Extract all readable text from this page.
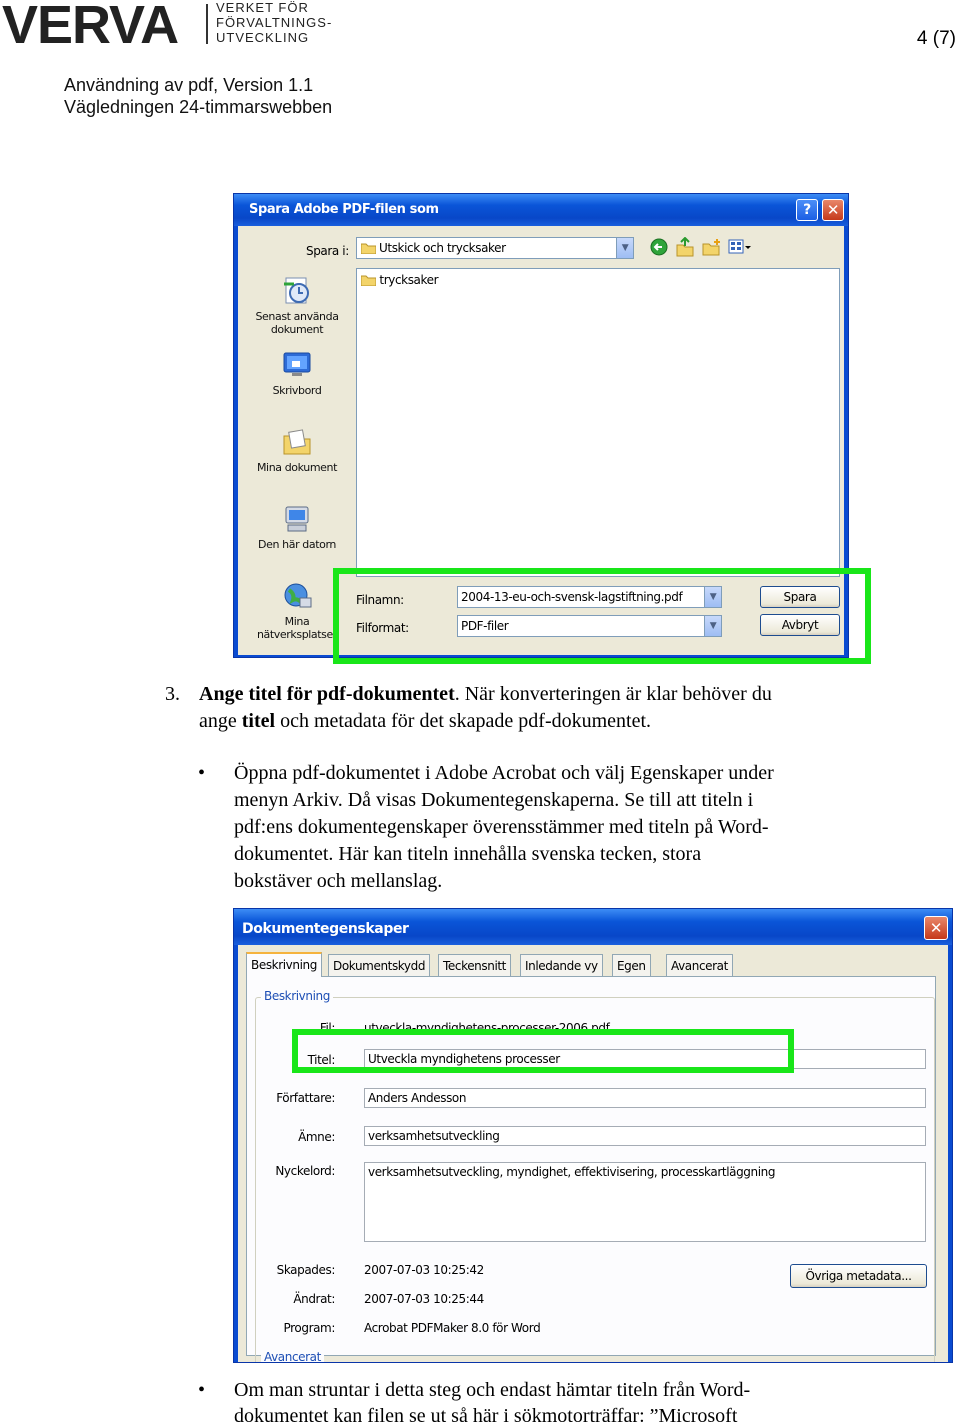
VERVA	VERKET FÖR
FÖRVALTNINGS-
UTVECKLING	4 (7)
Användning av pdf, Version 1.1
Vägledningen 24-timmarswebben
Spara Adobe PDF-filen som	?	✕
Spara i:	Utskick och trycksaker	▼
Senast använda dokument
Skrivbord
Mina dokument
Den här datorn
Mina nätverksplatser
trycksaker
Filnamn:	2004-13-eu-och-svensk-lagstiftning.pdf	▼
Filformat:	PDF-filer	▼
Spara
Avbryt
3. Ange titel för pdf-dokumentet. När konverteringen är klar behöver du
ange titel och metadata för det skapade pdf-dokumentet.
• Öppna pdf-dokumentet i Adobe Acrobat och välj Egenskaper under
menyn Arkiv. Då visas Dokumentegenskaperna. Se till att titeln i
pdf:ens dokumentegenskaper överensstämmer med titeln på Word-
dokumentet. Här kan titeln innehålla svenska tecken, stora
bokstäver och mellanslag.
Dokumentegenskaper	✕
Beskrivning	Dokumentskydd	Teckensnitt	Inledande vy	Egen	Avancerat
Beskrivning
Fil: utveckla-myndighetens-processer-2006.pdf
Titel:	Utveckla myndighetens processer
Författare:	Anders Andesson
Ämne:	verksamhetsutveckling
Nyckelord:	verksamhetsutveckling, myndighet, effektivisering, processkartläggning
Skapades: 2007-07-03 10:25:42
Ändrat: 2007-07-03 10:25:44
Program: Acrobat PDFMaker 8.0 för Word
Övriga metadata...
Avancerat
• Om man struntar i detta steg och endast hämtar titeln från Word-
dokumentet kan filen se ut så här i sökmotorträffar: ”Microsoft
